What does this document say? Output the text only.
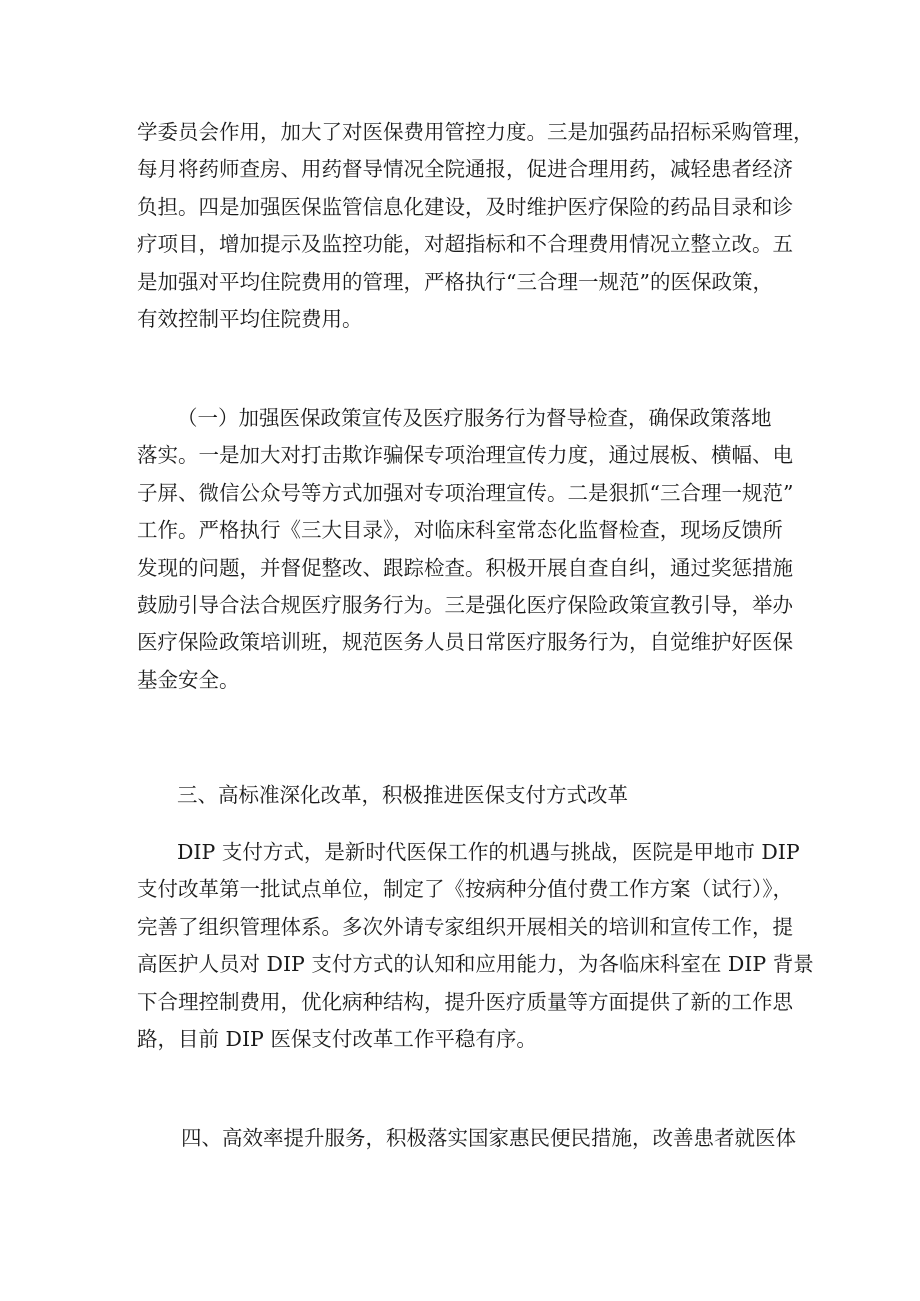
学委员会作用，加大了对医保费用管控力度。三是加强药品招标采购管理，
每月将药师查房、用药督导情况全院通报，促进合理用药，减轻患者经济
负担。四是加强医保监管信息化建设，及时维护医疗保险的药品目录和诊
疗项目，增加提示及监控功能，对超指标和不合理费用情况立整立改。五
是加强对平均住院费用的管理，严格执行“三合理一规范”的医保政策，
有效控制平均住院费用。
（一）加强医保政策宣传及医疗服务行为督导检查，确保政策落地
落实。一是加大对打击欺诈骗保专项治理宣传力度，通过展板、横幅、电
子屏、微信公众号等方式加强对专项治理宣传。二是狠抓“三合理一规范”
工作。严格执行《三大目录》，对临床科室常态化监督检查，现场反馈所
发现的问题，并督促整改、跟踪检查。积极开展自查自纠，通过奖惩措施
鼓励引导合法合规医疗服务行为。三是强化医疗保险政策宣教引导，举办
医疗保险政策培训班，规范医务人员日常医疗服务行为，自觉维护好医保
基金安全。
三、高标准深化改革，积极推进医保支付方式改革
DIP 支付方式，是新时代医保工作的机遇与挑战，医院是甲地市 DIP
支付改革第一批试点单位，制定了《按病种分值付费工作方案（试行）》，
完善了组织管理体系。多次外请专家组织开展相关的培训和宣传工作，提
高医护人员对 DIP 支付方式的认知和应用能力，为各临床科室在 DIP 背景
下合理控制费用，优化病种结构，提升医疗质量等方面提供了新的工作思
路，目前 DIP 医保支付改革工作平稳有序。
四、高效率提升服务，积极落实国家惠民便民措施，改善患者就医体
